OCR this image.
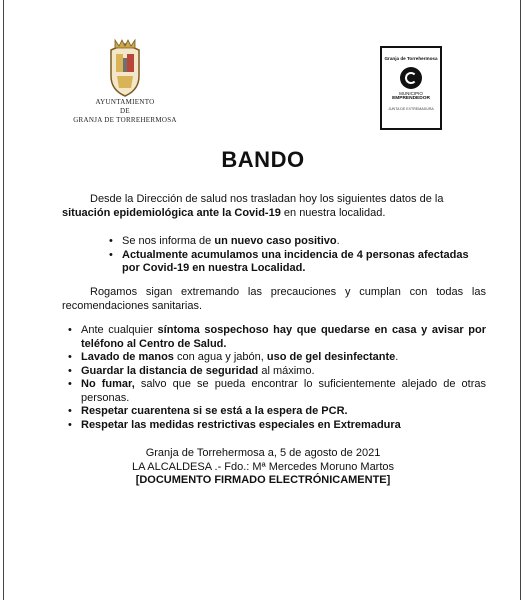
AYUNTAMIENTO
DE
GRANJA DE TORREHERMOSA
Granja de Torrehermosa
MUNICIPIO
EMPRENDEDOR
JUNTA DE EXTREMADURA
BANDO
Desde la Dirección de salud nos trasladan hoy los siguientes datos de la situación epidemiológica ante la Covid-19 en nuestra localidad.
• Se nos informa de un nuevo caso positivo.
• Actualmente acumulamos una incidencia de 4 personas afectadas por Covid-19 en nuestra Localidad.
Rogamos sigan extremando las precauciones y cumplan con todas las recomendaciones sanitarias.
• Ante cualquier síntoma sospechoso hay que quedarse en casa y avisar por teléfono al Centro de Salud.
• Lavado de manos con agua y jabón, uso de gel desinfectante.
• Guardar la distancia de seguridad al máximo.
• No fumar, salvo que se pueda encontrar lo suficientemente alejado de otras personas.
• Respetar cuarentena si se está a la espera de PCR.
• Respetar las medidas restrictivas especiales en Extremadura
Granja de Torrehermosa a, 5 de agosto de 2021
LA ALCALDESA .- Fdo.: Mª Mercedes Moruno Martos
[DOCUMENTO FIRMADO ELECTRÓNICAMENTE]
